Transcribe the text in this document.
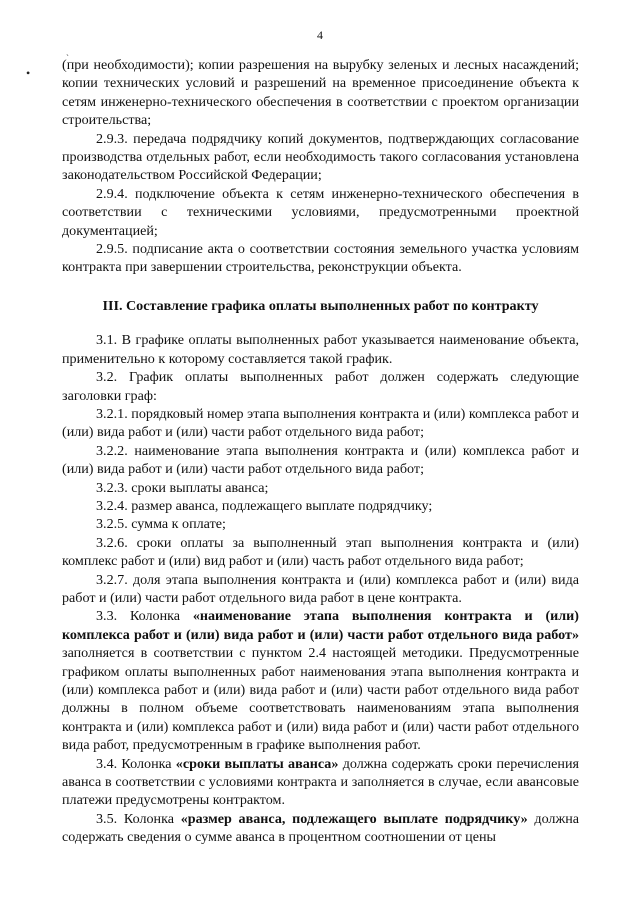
4
ˎ
• (при необходимости); копии разрешения на вырубку зеленых и лесных насаждений; копии технических условий и разрешений на временное присоединение объекта к сетям инженерно-технического обеспечения в соответствии с проектом организации строительства;

2.9.3. передача подрядчику копий документов, подтверждающих согласование производства отдельных работ, если необходимость такого согласования установлена законодательством Российской Федерации;

2.9.4. подключение объекта к сетям инженерно-технического обеспечения в соответствии с техническими условиями, предусмотренными проектной документацией;

2.9.5. подписание акта о соответствии состояния земельного участка условиям контракта при завершении строительства, реконструкции объекта.

III. Составление графика оплаты выполненных работ по контракту

3.1. В графике оплаты выполненных работ указывается наименование объекта, применительно к которому составляется такой график.

3.2. График оплаты выполненных работ должен содержать следующие заголовки граф:

3.2.1. порядковый номер этапа выполнения контракта и (или) комплекса работ и (или) вида работ и (или) части работ отдельного вида работ;

3.2.2. наименование этапа выполнения контракта и (или) комплекса работ и (или) вида работ и (или) части работ отдельного вида работ;

3.2.3. сроки выплаты аванса;

3.2.4. размер аванса, подлежащего выплате подрядчику;

3.2.5. сумма к оплате;

3.2.6. сроки оплаты за выполненный этап выполнения контракта и (или) комплекс работ и (или) вид работ и (или) часть работ отдельного вида работ;

3.2.7. доля этапа выполнения контракта и (или) комплекса работ и (или) вида работ и (или) части работ отдельного вида работ в цене контракта.

3.3. Колонка «наименование этапа выполнения контракта и (или) комплекса работ и (или) вида работ и (или) части работ отдельного вида работ» заполняется в соответствии с пунктом 2.4 настоящей методики. Предусмотренные графиком оплаты выполненных работ наименования этапа выполнения контракта и (или) комплекса работ и (или) вида работ и (или) части работ отдельного вида работ должны в полном объеме соответствовать наименованиям этапа выполнения контракта и (или) комплекса работ и (или) вида работ и (или) части работ отдельного вида работ, предусмотренным в графике выполнения работ.

3.4. Колонка «сроки выплаты аванса» должна содержать сроки перечисления аванса в соответствии с условиями контракта и заполняется в случае, если авансовые платежи предусмотрены контрактом.

3.5. Колонка «размер аванса, подлежащего выплате подрядчику» должна содержать сведения о сумме аванса в процентном соотношении от цены
